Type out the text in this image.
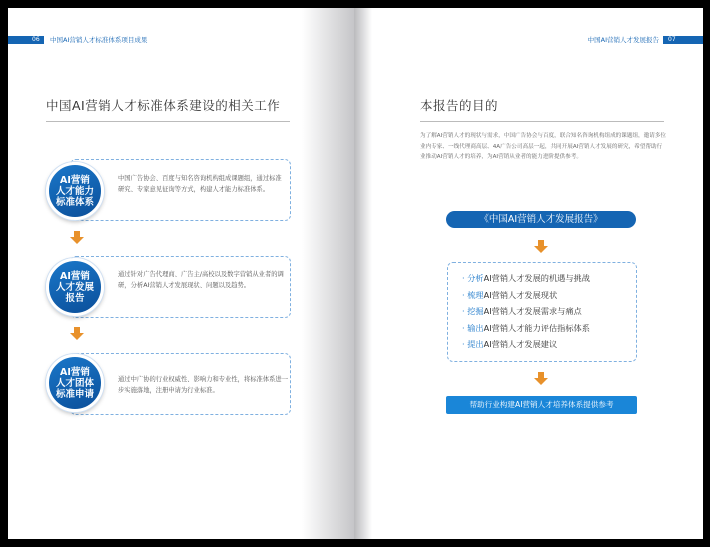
06 中国AI营销人才标准体系项目成果
中国AI营销人才标准体系建设的相关工作
中国广告协会、百度与知名咨询机构组成课题组，通过标准研究、专家意见征询等方式，构建人才能力标准体系。
AI营销
人才能力
标准体系
通过针对广告代理商、广告主/高校以及数字营销从业者的调研，分析AI营销人才发展现状、问题以及趋势。
AI营销
人才发展
报告
通过中广协的行业权威性、影响力和专业性，将标准体系进一步实施落地，注册申请为行业标准。
AI营销
人才团体
标准申请
中国AI营销人才发展报告 07
本报告的目的
为了解AI营销人才的现状与需求，中国广告协会与百度，联合知名咨询机构组成的课题组，邀请多位业内专家、一线代理商高层、4A广告公司高层一起，共同开展AI营销人才发展的研究，希望帮助行业推动AI营销人才的培养，为AI营销从业者的能力进阶提供参考。
《中国AI营销人才发展报告》
· 分析AI营销人才发展的机遇与挑战
· 梳理AI营销人才发展现状
· 挖掘AI营销人才发展需求与痛点
· 输出AI营销人才能力评估指标体系
· 提出AI营销人才发展建议
帮助行业构建AI营销人才培养体系提供参考
